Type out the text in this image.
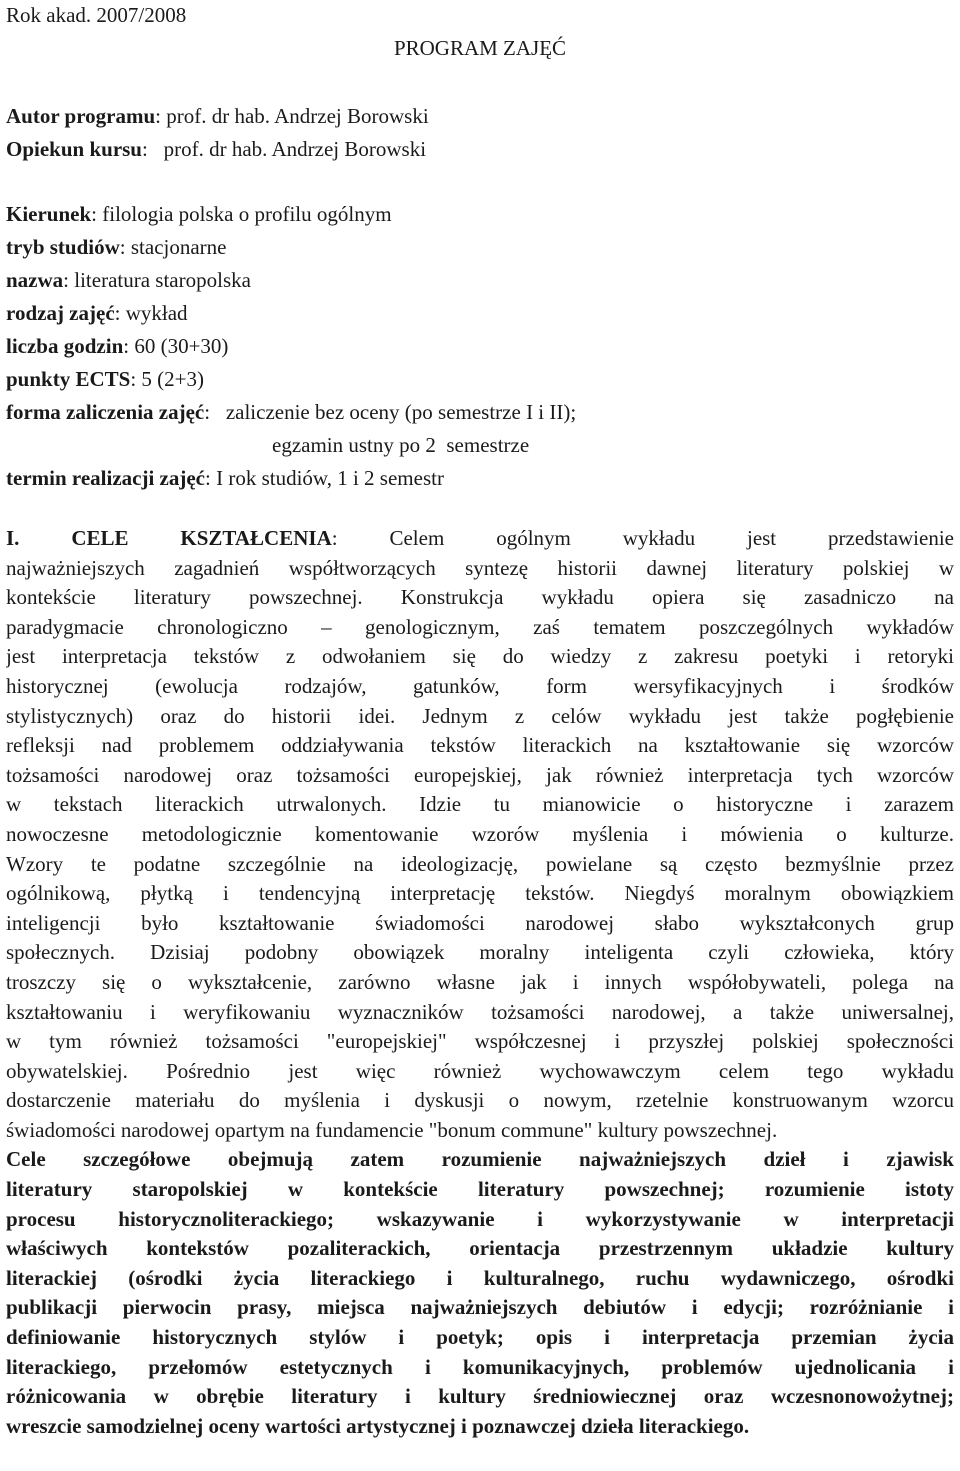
Rok akad. 2007/2008
PROGRAM ZAJĘĆ
Autor programu: prof. dr hab. Andrzej Borowski
Opiekun kursu:   prof. dr hab. Andrzej Borowski
Kierunek: filologia polska o profilu ogólnym
tryb studiów: stacjonarne
nazwa: literatura staropolska
rodzaj zajęć: wykład
liczba godzin: 60 (30+30)
punkty ECTS: 5 (2+3)
forma zaliczenia zajęć:   zaliczenie bez oceny (po semestrze I i II);
egzamin ustny po 2  semestrze
termin realizacji zajęć: I rok studiów, 1 i 2 semestr
I. CELE KSZTAŁCENIA: Celem ogólnym wykładu jest przedstawienie
najważniejszych zagadnień współtworzących syntezę historii dawnej literatury polskiej w
kontekście literatury powszechnej. Konstrukcja wykładu opiera się zasadniczo na
paradygmacie chronologiczno – genologicznym, zaś tematem poszczególnych wykładów
jest interpretacja tekstów z odwołaniem się do wiedzy z zakresu poetyki i retoryki
historycznej (ewolucja rodzajów, gatunków, form wersyfikacyjnych i środków
stylistycznych) oraz do historii idei. Jednym z celów wykładu jest także pogłębienie
refleksji nad problemem oddziaływania tekstów literackich na kształtowanie się wzorców
tożsamości narodowej oraz tożsamości europejskiej, jak również interpretacja tych wzorców
w tekstach literackich utrwalonych. Idzie tu mianowicie o historyczne i zarazem
nowoczesne metodologicznie komentowanie wzorów myślenia i mówienia o kulturze.
Wzory te podatne szczególnie na ideologizację, powielane są często bezmyślnie przez
ogólnikową, płytką i tendencyjną interpretację tekstów. Niegdyś moralnym obowiązkiem
inteligencji było kształtowanie świadomości narodowej słabo wykształconych grup
społecznych. Dzisiaj podobny obowiązek moralny inteligenta czyli człowieka, który
troszczy się o wykształcenie, zarówno własne jak i innych współobywateli, polega na
kształtowaniu i weryfikowaniu wyznaczników tożsamości narodowej, a także uniwersalnej,
w tym również tożsamości "europejskiej" współczesnej i przyszłej polskiej społeczności
obywatelskiej. Pośrednio jest więc również wychowawczym celem tego wykładu
dostarczenie materiału do myślenia i dyskusji o nowym, rzetelnie konstruowanym wzorcu
świadomości narodowej opartym na fundamencie "bonum commune" kultury powszechnej.
Cele szczegółowe obejmują zatem rozumienie najważniejszych dzieł i zjawisk
literatury staropolskiej w kontekście literatury powszechnej; rozumienie istoty
procesu historycznoliterackiego; wskazywanie i wykorzystywanie w interpretacji
właściwych kontekstów pozaliterackich, orientacja przestrzennym układzie kultury
literackiej (ośrodki życia literackiego i kulturalnego, ruchu wydawniczego, ośrodki
publikacji pierwocin prasy, miejsca najważniejszych debiutów i edycji; rozróżnianie i
definiowanie historycznych stylów i poetyk; opis i interpretacja przemian życia
literackiego, przełomów estetycznych i komunikacyjnych, problemów ujednolicania i
różnicowania w obrębie literatury i kultury średniowiecznej oraz wczesnonowożytnej;
wreszcie samodzielnej oceny wartości artystycznej i poznawczej dzieła literackiego.
